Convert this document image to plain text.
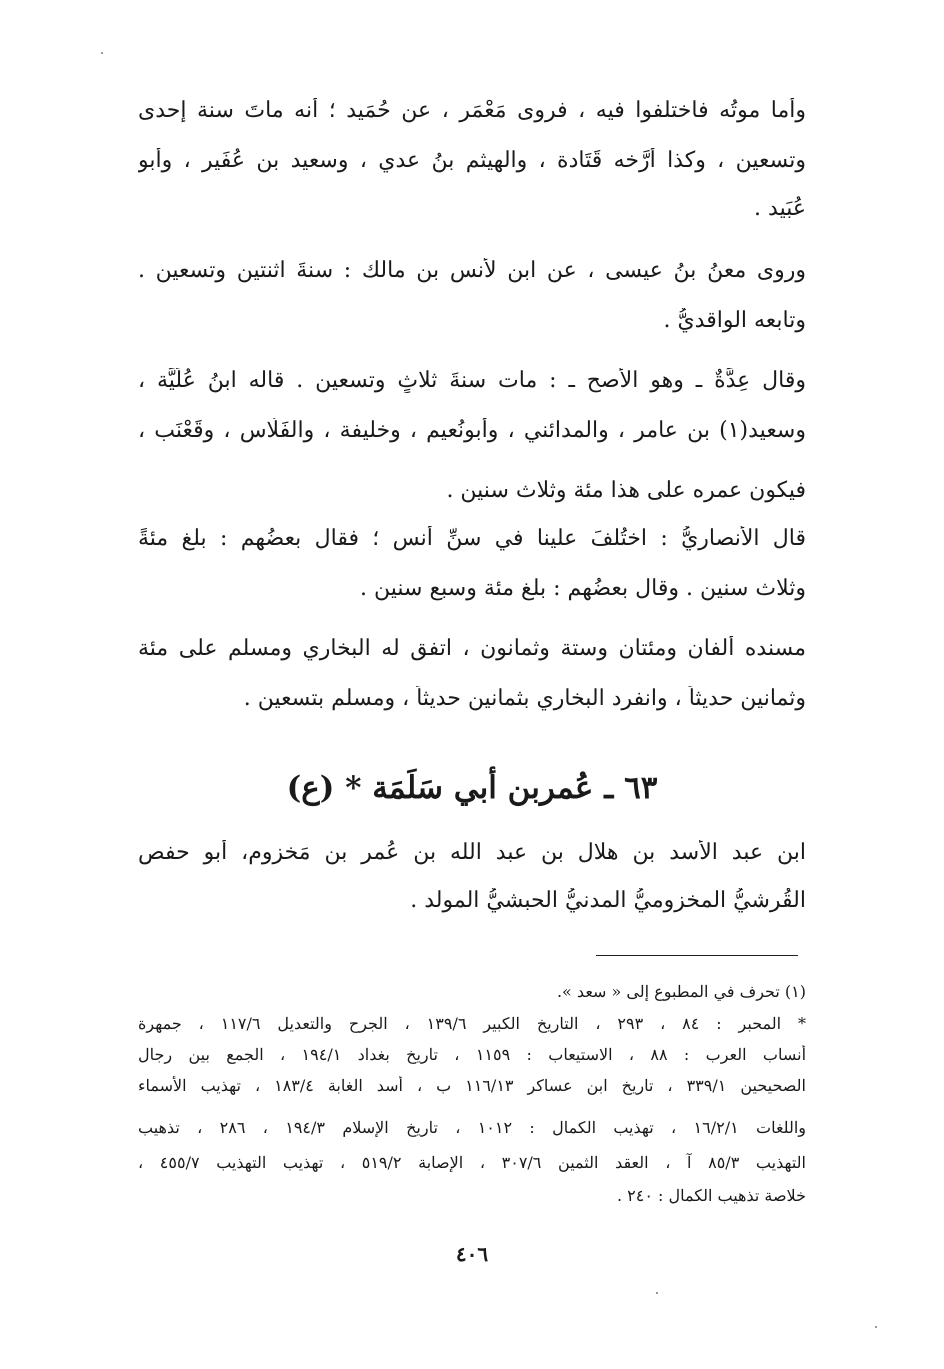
وأما موتُه فاختلفوا فيه ، فروى مَعْمَر ، عن حُمَيد ؛ أنه ماتَ سنة إحدى
وتسعين ، وكذا أرَّخه قَتَادة ، والهيثم بنُ عدي ، وسعيد بن عُفَير ، وأبو
عُبَيد .
وروى معنُ بنُ عيسى ، عن ابنٍ لأنس بن مالك : سنةَ اثنتين وتسعين .
وتابعه الواقديُّ .
وقال عِدَّةٌ ـ وهو الأصح ـ : مات سنةَ ثلاثٍ وتسعين . قاله ابنُ عُلَيَّة ،
وسعيد(١) بن عامر ، والمدائني ، وأبونُعيم ، وخليفة ، والفَلَّاس ، وقَعْنَب ،
فيكون عمره على هذا مئة وثلاث سنين .
قال الأنصاريُّ : اختُلفَ علينا في سنِّ أنس ؛ فقال بعضُهم : بلغ مئةً
وثلاث سنين . وقال بعضُهم : بلغ مئة وسبع سنين .
مسنده ألفان ومئتان وستة وثمانون ، اتفق له البخاري ومسلم على مئة
وثمانين حديثاً ، وانفرد البخاري بثمانين حديثاً ، ومسلم بتسعين .
٦٣ ـ عُمربن أبي سَلَمَة * (ع)
ابن عبد الأسد بن هلال بن عبد الله بن عُمر بن مَخزوم، أبو حفص
القُرشيُّ المخزوميُّ المدنيُّ الحبشيُّ المولد .
(١) تحرف في المطبوع إلى « سعد ».
* المحبر : ٨٤ ، ٢٩٣ ، التاريخ الكبير ١٣٩/٦ ، الجرح والتعديل ١١٧/٦ ، جمهرة
أنساب العرب : ٨٨ ، الاستيعاب : ١١٥٩ ، تاريخ بغداد ١٩٤/١ ، الجمع بين رجال
الصحيحين ٣٣٩/١ ، تاريخ ابن عساكر ١١٦/١٣ ب ، أسد الغابة ١٨٣/٤ ، تهذيب الأسماء
واللغات ١٦/٢/١ ، تهذيب الكمال : ١٠١٢ ، تاريخ الإسلام ١٩٤/٣ ، ٢٨٦ ، تذهيب
التهذيب ٨٥/٣ آ ، العقد الثمين ٣٠٧/٦ ، الإصابة ٥١٩/٢ ، تهذيب التهذيب ٤٥٥/٧ ،
خلاصة تذهيب الكمال : ٢٤٠ .
٤٠٦
